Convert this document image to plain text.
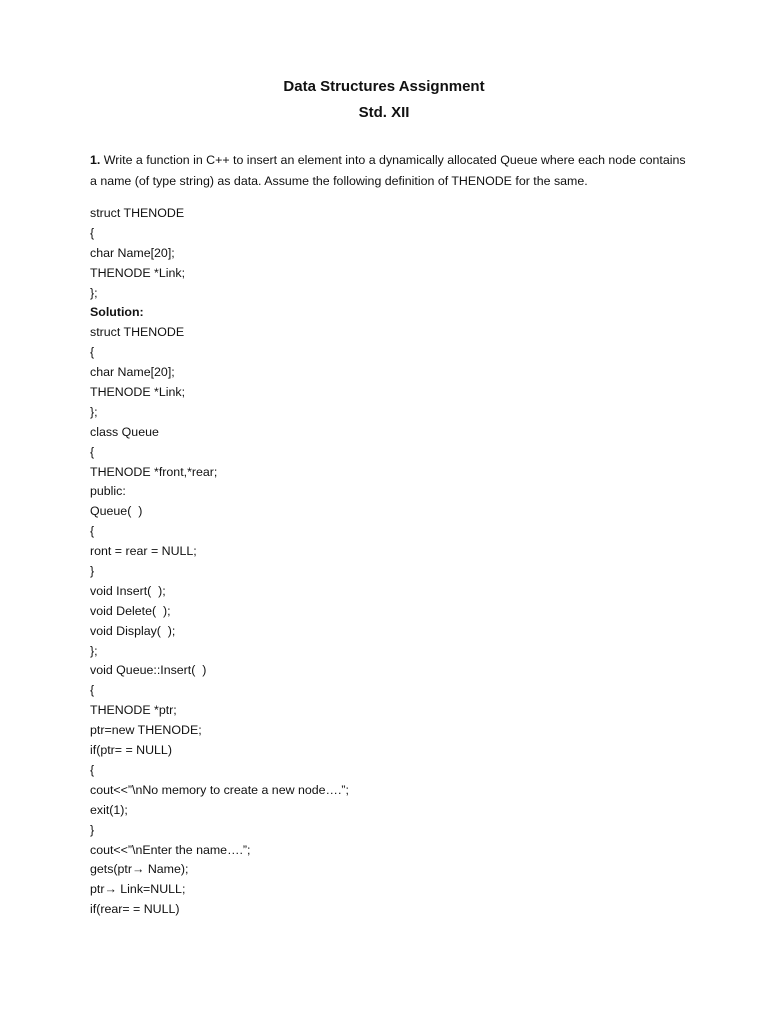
Data Structures Assignment
Std. XII

1. Write a function in C++ to insert an element into a dynamically allocated Queue where each node contains a name (of type string) as data. Assume the following definition of THENODE for the same.

struct THENODE
{
char Name[20];
THENODE *Link;
};
Solution:
struct THENODE
{
char Name[20];
THENODE *Link;
};
class Queue
{
THENODE *front,*rear;
public:
Queue(  )
{
ront = rear = NULL;
}
void Insert(  );
void Delete(  );
void Display(  );
};
void Queue::Insert(  )
{
THENODE *ptr;
ptr=new THENODE;
if(ptr= = NULL)
{
cout<<”\nNo memory to create a new node….”;
exit(1);
}
cout<<”\nEnter the name….”;
gets(ptr→ Name);
ptr→ Link=NULL;
if(rear= = NULL)
